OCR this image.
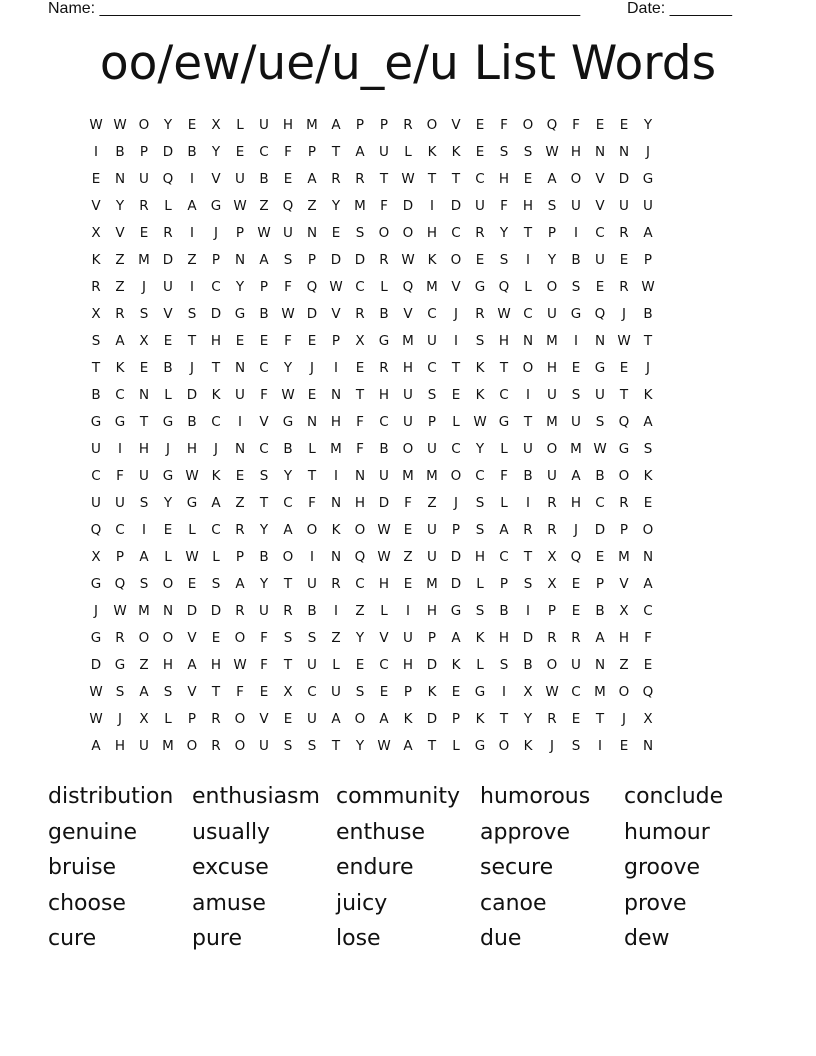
Name: ______________________________________________________	Date: _______
oo/ew/ue/u_e/u List Words
W W O	Y	E	X	L	U	H M	A	P	P	R	O	V	E	F	O Q	F	E	E	Y
I	B	P	D	B	Y	E	C	F	P	T	A	U	L	K	K	E	S	S W H	N	N	J
E	N	U	Q	I	V	U	B	E	A	R	R	T W T	T	C	H	E	A	O	V	D	G
V	Y	R	L	A	G W Z	Q	Z	Y	M	F	D	I	D	U	F	H	S	U	V	U	U
X	V	E	R	I	J	P W U	N	E	S	O O	H	C	R	Y	T	P	I	C	R	A
K	Z	M D	Z	P	N	A	S	P	D	D	R W K	O	E	S	I	Y	B	U	E	P
R	Z	J	U	I	C	Y	P	F	Q W C	L	Q M	V	G Q	L	O	S	E	R W
X	R	S	V	S	D	G	B W D	V	R	B	V	C	J	R W C	U	G Q	J	B
S	A	X	E	T	H	E	E	F	E	P	X	G M U	I	S	H	N M	I	N W T
T	K	E	B	J	T	N	C	Y	J	I	E	R	H	C	T	K	T	O	H	E	G	E	J
B	C	N	L	D	K	U	F W E	N	T	H	U	S	E	K	C	I	U	S	U	T	K
G	G	T	G	B	C	I	V	G	N	H	F	C	U	P	L	W G	T	M U	S	Q	A
U	I	H	J	H	J	N	C	B	L	M	F	B	O	U	C	Y	L	U	O M W G	S
C	F	U	G W K	E	S	Y	T	I	N	U M M O	C	F	B	U	A	B	O	K
U	U	S	Y	G	A	Z	T	C	F	N	H	D	F	Z	J	S	L	I	R	H	C	R	E
Q	C	I	E	L	C	R	Y	A	O	K	O W E	U	P	S	A	R	R	J	D	P	O
X	P	A	L	W	L	P	B	O	I	N	Q W Z	U	D	H	C	T	X	Q	E	M N
G Q	S	O	E	S	A	Y	T	U	R	C	H	E	M D	L	P	S	X	E	P	V	A
J	W M N	D	D	R	U	R	B	I	Z	L	I	H	G	S	B	I	P	E	B	X	C
G	R	O O	V	E	O	F	S	S	Z	Y	V	U	P	A	K	H	D	R	R	A	H	F
D	G	Z	H	A	H W F	T	U	L	E	C	H	D	K	L	S	B	O	U	N	Z	E
W S	A	S	V	T	F	E	X	C	U	S	E	P	K	E	G	I	X W C M O Q
W	J	X	L	P	R	O	V	E	U	A	O	A	K	D	P	K	T	Y	R	E	T	J	X
A	H	U M O	R	O	U	S	S	T	Y W A	T	L	G O	K	J	S	I	E	N
distribution enthusiasm community humorous	conclude
genuine	usually	enthuse	approve	humour
bruise	excuse	endure	secure	groove
choose	amuse	juicy	canoe	prove
cure	pure	lose	due	dew
